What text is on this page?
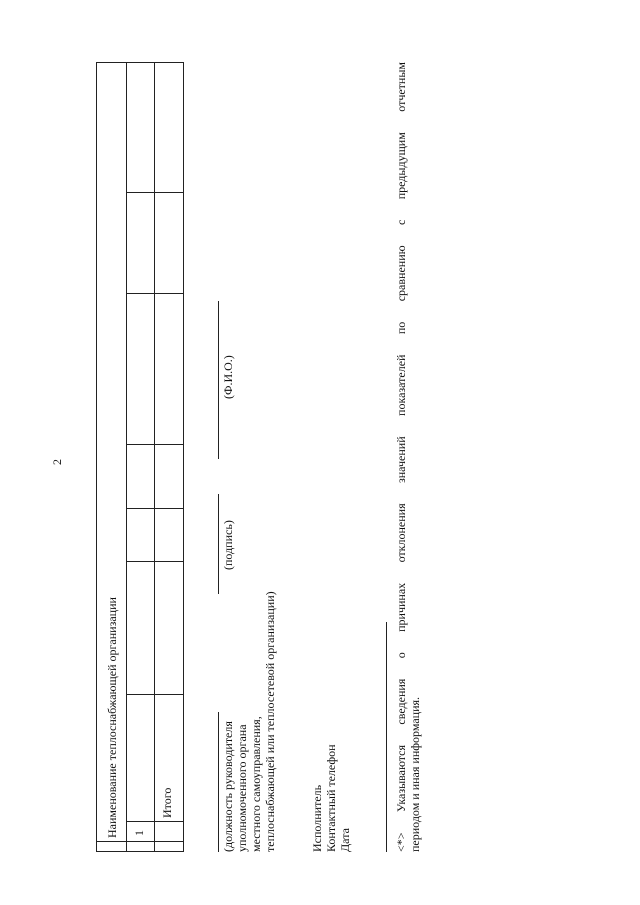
2
Наименование теплоснабжающей организации 1
Итого	(должность руководителя уполномоченного органа местного самоуправления, теплоснабжающей или теплосетевой организации)
(подпись)
(Ф.И.О.)
Исполнитель Контактный телефон Дата	<*> Указываются сведения о причинах отклонения значений показателей по сравнению с предыдущим отчетным периодом и иная информация.
